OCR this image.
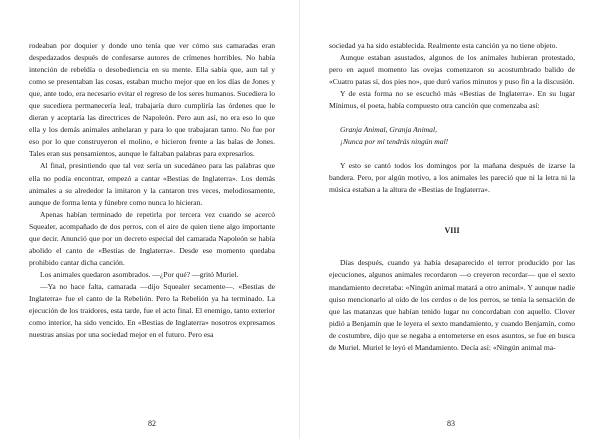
rodeaban por doquier y donde uno tenía que ver cómo sus camaradas eran despedazados después de confesarse autores de crímenes horribles. No había intención de rebeldía o desobediencia en su mente. Ella sabía que, aun tal y como se presentaban las cosas, estaban mucho mejor que en los días de Jones y que, ante todo, era necesario evitar el regreso de los seres humanos. Sucediera lo que sucediera permanecería leal, trabajaría duro cumpliría las órdenes que le dieran y aceptaría las directrices de Napoleón. Pero aun así, no era eso lo que ella y los demás animales anhelaran y para lo que trabajaran tanto. No fue por eso por lo que construyeron el molino, e hicieron frente a las balas de Jones. Tales eran sus pensamientos, aunque le faltaban palabras para expresarlos.

Al final, presintiendo que tal vez sería un sucedáneo para las palabras que ella no podía encontrar, empezó a cantar «Bestias de Inglaterra». Los demás animales a su alrededor la imitaron y la cantaron tres veces, melodiosamente, aunque de forma lenta y fúnebre como nunca lo hicieran.

Apenas habían terminado de repetirla por tercera vez cuando se acercó Squealer, acompañado de dos perros, con el aire de quien tiene algo importante que decir. Anunció que por un decreto especial del camarada Napoleón se había abolido el canto de «Bestias de Inglaterra». Desde ese momento quedaba prohibido cantar dicha canción.

Los animales quedaron asombrados. —¿Por qué? —gritó Muriel.

—Ya no hace falta, camarada —dijo Squealer secamente—. «Bestias de Inglaterra» fue el canto de la Rebelión. Pero la Rebelión ya ha terminado. La ejecución de los traidores, esta tarde, fue el acto final. El enemigo, tanto exterior como interior, ha sido vencido. En «Bestias de Inglaterra» nosotros expresamos nuestras ansias por una sociedad mejor en el futuro. Pero esa

82

sociedad ya ha sido establecida. Realmente esta canción ya no tiene objeto.

Aunque estaban asustados, algunos de los animales hubieran protestado, pero en aquel momento las ovejas comenzaron su acostumbrado balido de «Cuatro patas sí, dos pies no», que duró varios minutos y puso fin a la discusión.

Y de esta forma no se escuchó más «Bestias de Inglaterra». En su lugar Mínimus, el poeta, había compuesto otra canción que comenzaba así:

Granja Animal, Granja Animal,
¡Nunca por mí tendrás ningún mal!

Y esto se cantó todos los domingos por la mañana después de izarse la bandera. Pero, por algún motivo, a los animales les pareció que ni la letra ni la música estaban a la altura de «Bestias de Inglaterra».

VIII

Días después, cuando ya había desaparecido el terror producido por las ejecuciones, algunos animales recordaron —o creyeron recordar— que el sexto mandamiento decretaba: «Ningún animal matará a otro animal». Y aunque nadie quiso mencionarlo al oído de los cerdos o de los perros, se tenía la sensación de que las matanzas que habían tenido lugar no concordaban con aquello. Clover pidió a Benjamín que le leyera el sexto mandamiento, y cuando Benjamín, como de costumbre, dijo que se negaba a entometerse en esos asuntos, se fue en busca de Muriel. Muriel le leyó el Mandamiento. Decía así: «Ningún animal ma-

83
